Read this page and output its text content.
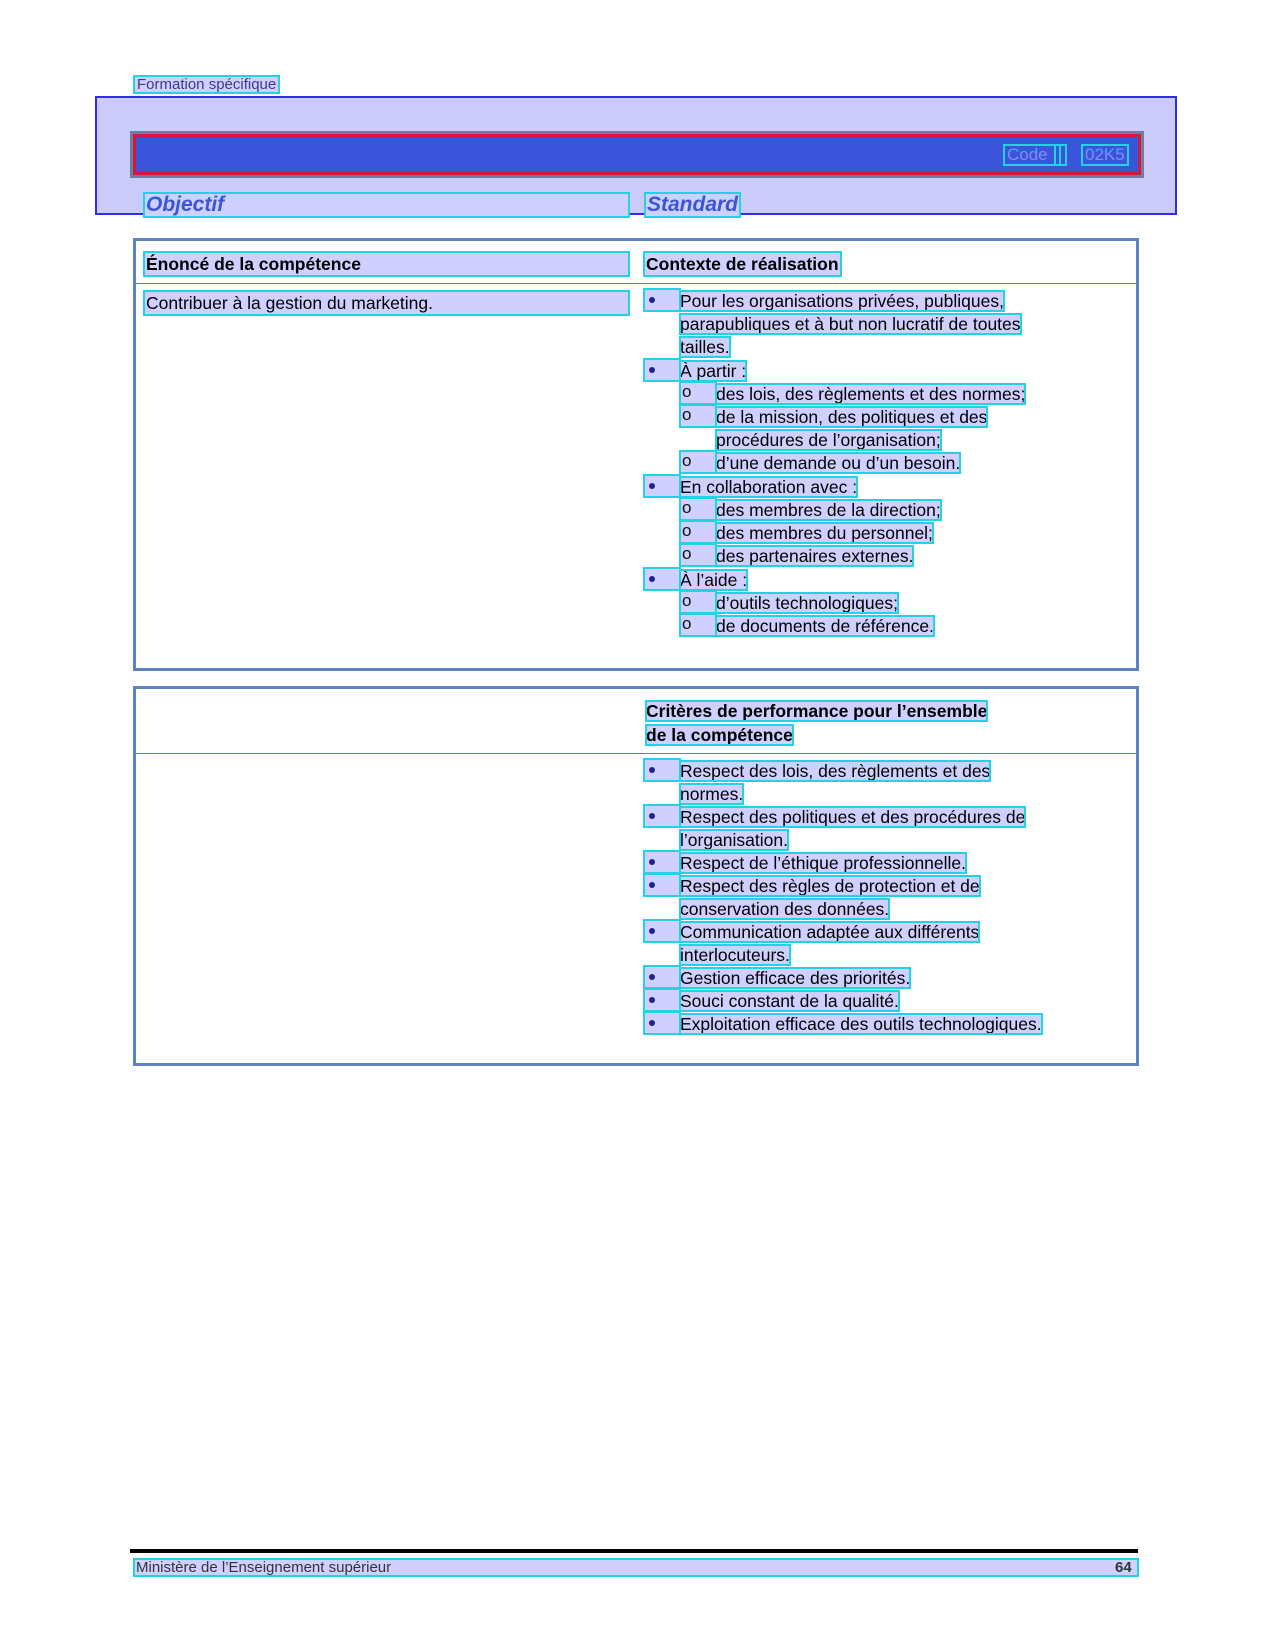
Formation spécifique
Code :
02K5
Objectif	Standard
Énoncé de la compétence	Contexte de réalisation
Contribuer à la gestion du marketing.	Pour les organisations privées, publiques,
parapubliques et à but non lucratif de toutes
tailles.
À partir :
o
des lois, des règlements et des normes;
o
de la mission, des politiques et des
procédures de l’organisation;
o
d’une demande ou d’un besoin.
En collaboration avec :
o
des membres de la direction;
o
des membres du personnel;
o
des partenaires externes.
À l’aide :
o
d’outils technologiques;
o
de documents de référence.
Critères de performance pour l’ensemble
de la compétence
Respect des lois, des règlements et des
normes.
Respect des politiques et des procédures de
l’organisation.
Respect de l’éthique professionnelle.
Respect des règles de protection et de
conservation des données.
Communication adaptée aux différents
interlocuteurs.
Gestion efficace des priorités.
Souci constant de la qualité.
Exploitation efficace des outils technologiques.
Ministère de l’Enseignement supérieur	64
